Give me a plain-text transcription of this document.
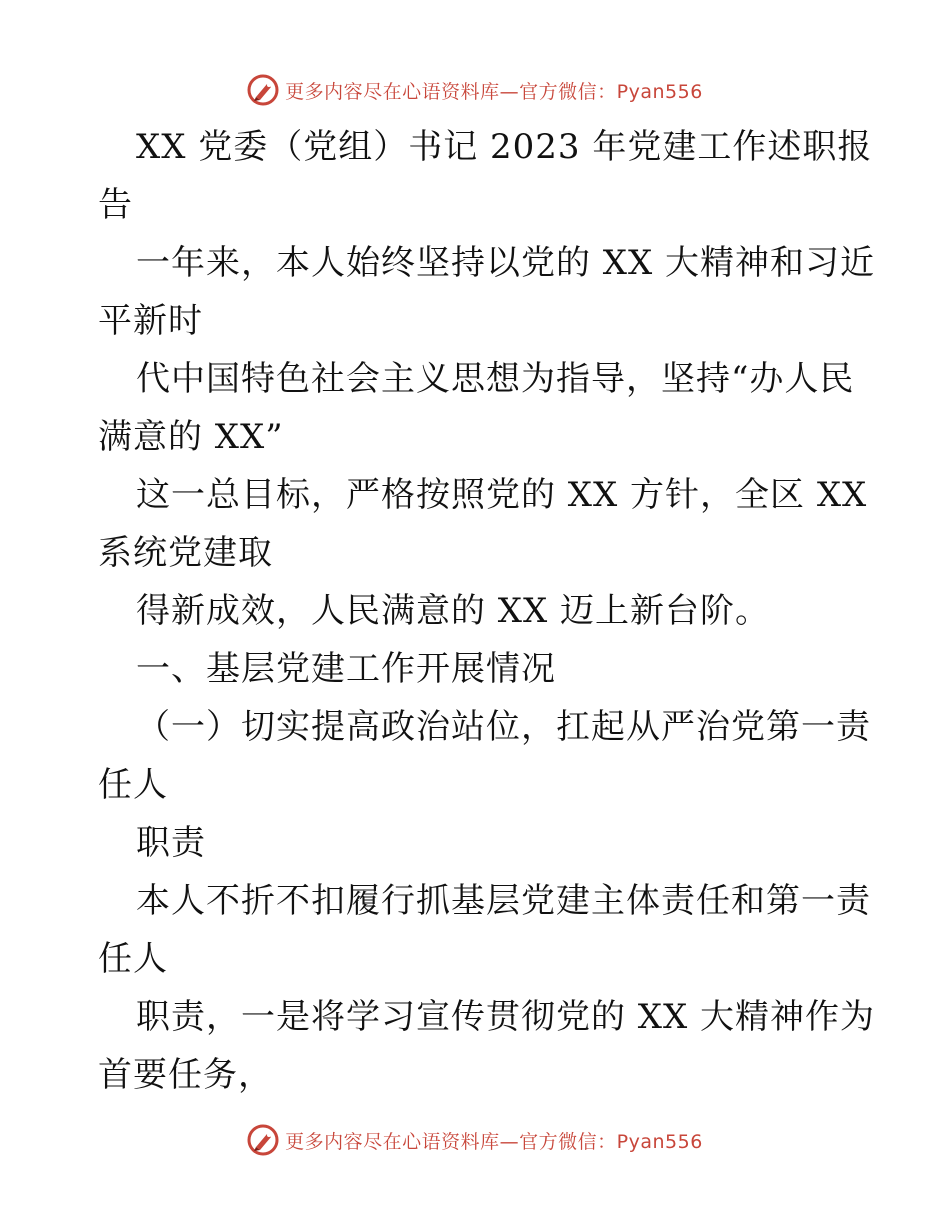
更多内容尽在心语资料库—官方微信：Pyan556
XX 党委（党组）书记 2023 年党建工作述职报
告
一年来，本人始终坚持以党的 XX 大精神和习近
平新时
代中国特色社会主义思想为指导，坚持“办人民
满意的 XX”
这一总目标，严格按照党的 XX 方针，全区 XX
系统党建取
得新成效，人民满意的 XX 迈上新台阶。
一、基层党建工作开展情况
（一）切实提高政治站位，扛起从严治党第一责
任人
职责
本人不折不扣履行抓基层党建主体责任和第一责
任人
职责，一是将学习宣传贯彻党的 XX 大精神作为
首要任务，
更多内容尽在心语资料库—官方微信：Pyan556
